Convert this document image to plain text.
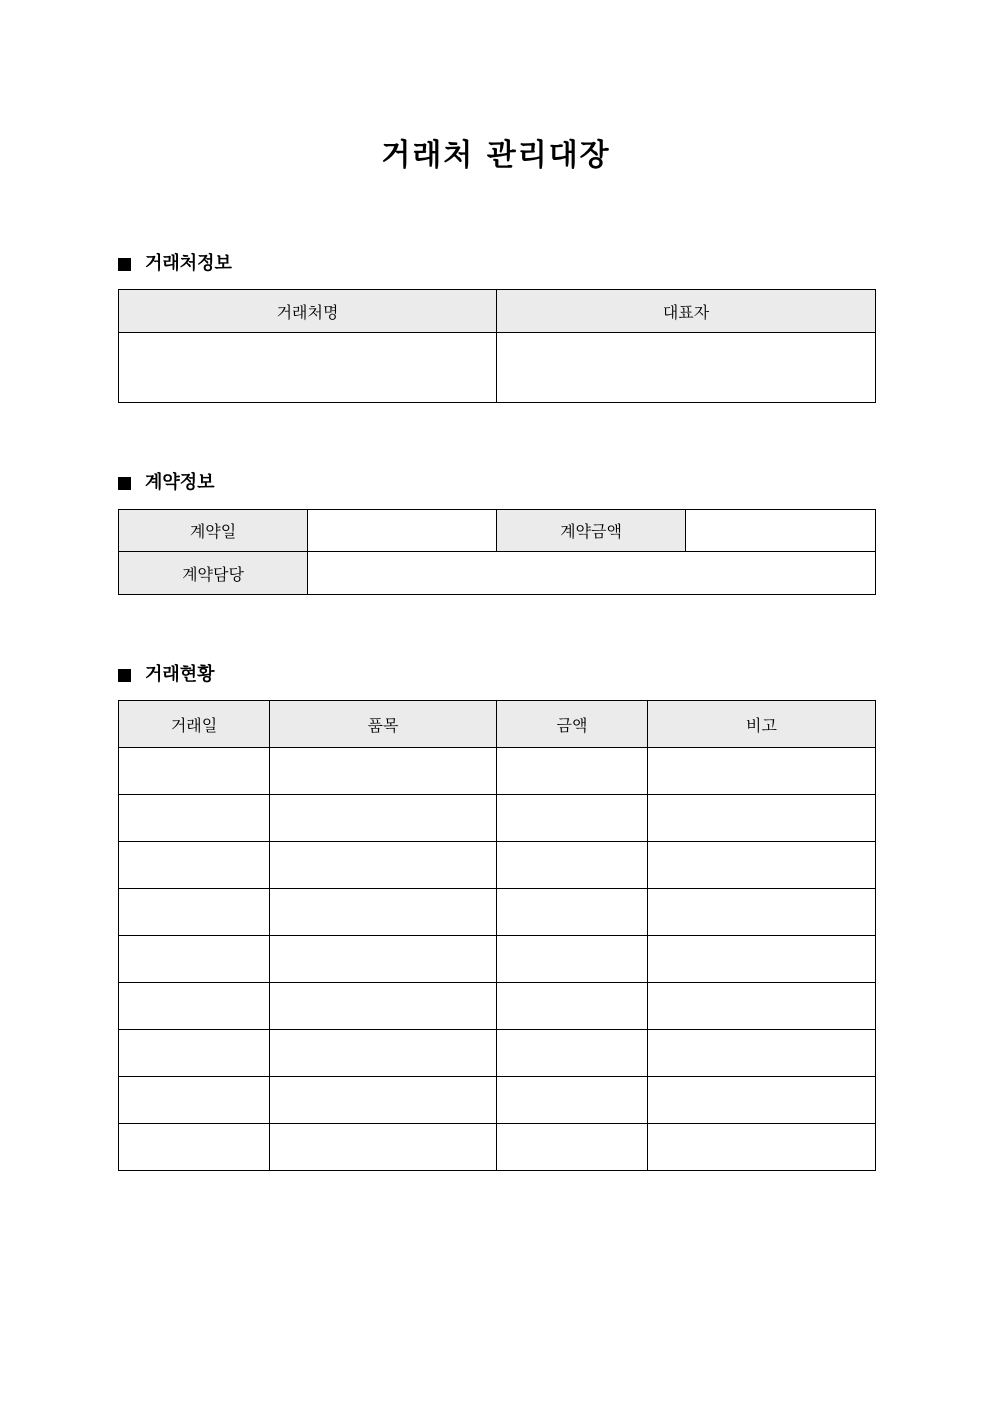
거래처 관리대장
거래처정보
거래처명	대표자

계약정보
계약일		계약금액	
계약담당			
거래현황
거래일	품목	금액	비고
